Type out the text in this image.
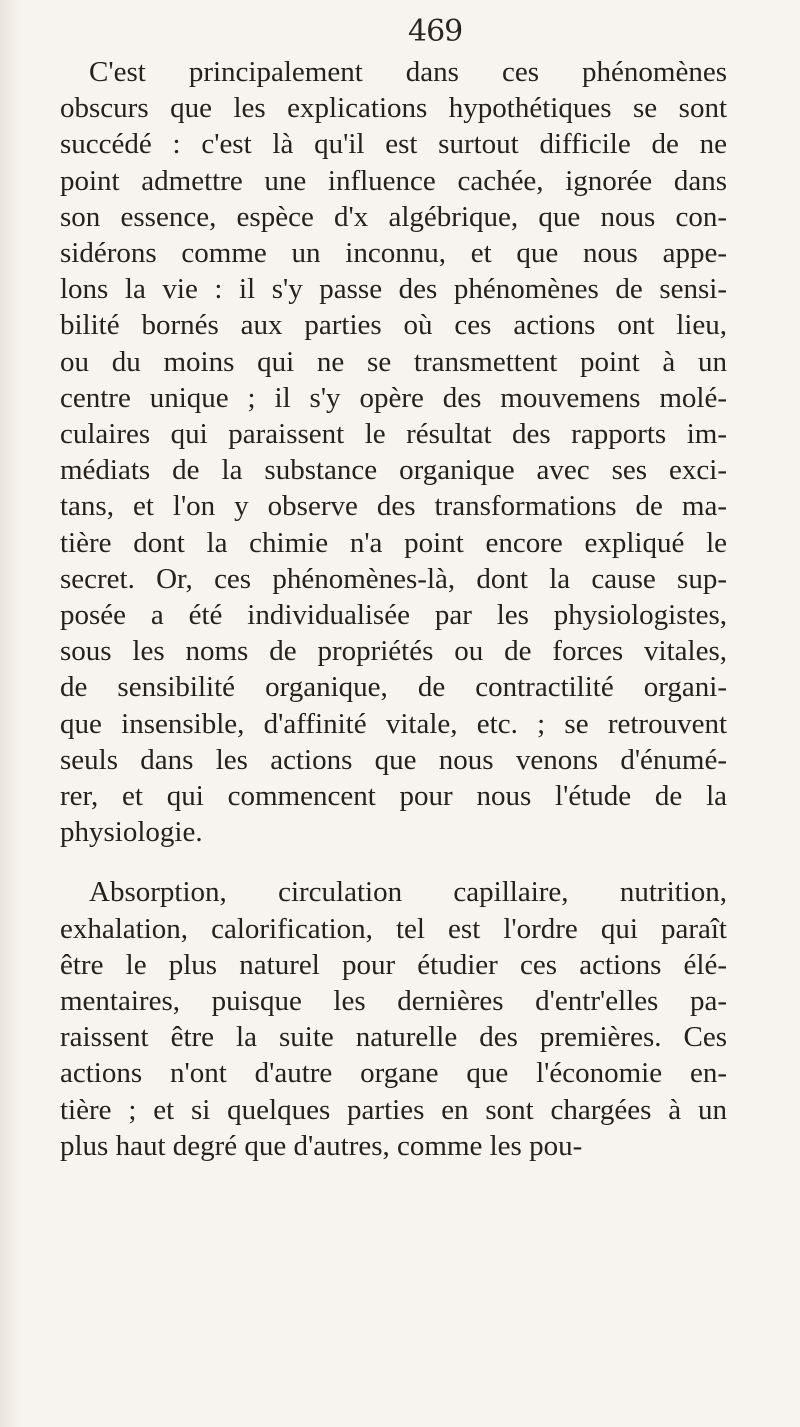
469
C'est principalement dans ces phénomènes
obscurs que les explications hypothétiques se sont
succédé : c'est là qu'il est surtout difficile de ne
point admettre une influence cachée, ignorée dans
son essence, espèce d'x algébrique, que nous con-
sidérons comme un inconnu, et que nous appe-
lons la vie : il s'y passe des phénomènes de sensi-
bilité bornés aux parties où ces actions ont lieu,
ou du moins qui ne se transmettent point à un
centre unique ; il s'y opère des mouvemens molé-
culaires qui paraissent le résultat des rapports im-
médiats de la substance organique avec ses exci-
tans, et l'on y observe des transformations de ma-
tière dont la chimie n'a point encore expliqué le
secret. Or, ces phénomènes-là, dont la cause sup-
posée a été individualisée par les physiologistes,
sous les noms de propriétés ou de forces vitales,
de sensibilité organique, de contractilité organi-
que insensible, d'affinité vitale, etc. ; se retrouvent
seuls dans les actions que nous venons d'énumé-
rer, et qui commencent pour nous l'étude de la
physiologie.
Absorption, circulation capillaire, nutrition,
exhalation, calorification, tel est l'ordre qui paraît
être le plus naturel pour étudier ces actions élé-
mentaires, puisque les dernières d'entr'elles pa-
raissent être la suite naturelle des premières. Ces
actions n'ont d'autre organe que l'économie en-
tière ; et si quelques parties en sont chargées à un
plus haut degré que d'autres, comme les pou-
